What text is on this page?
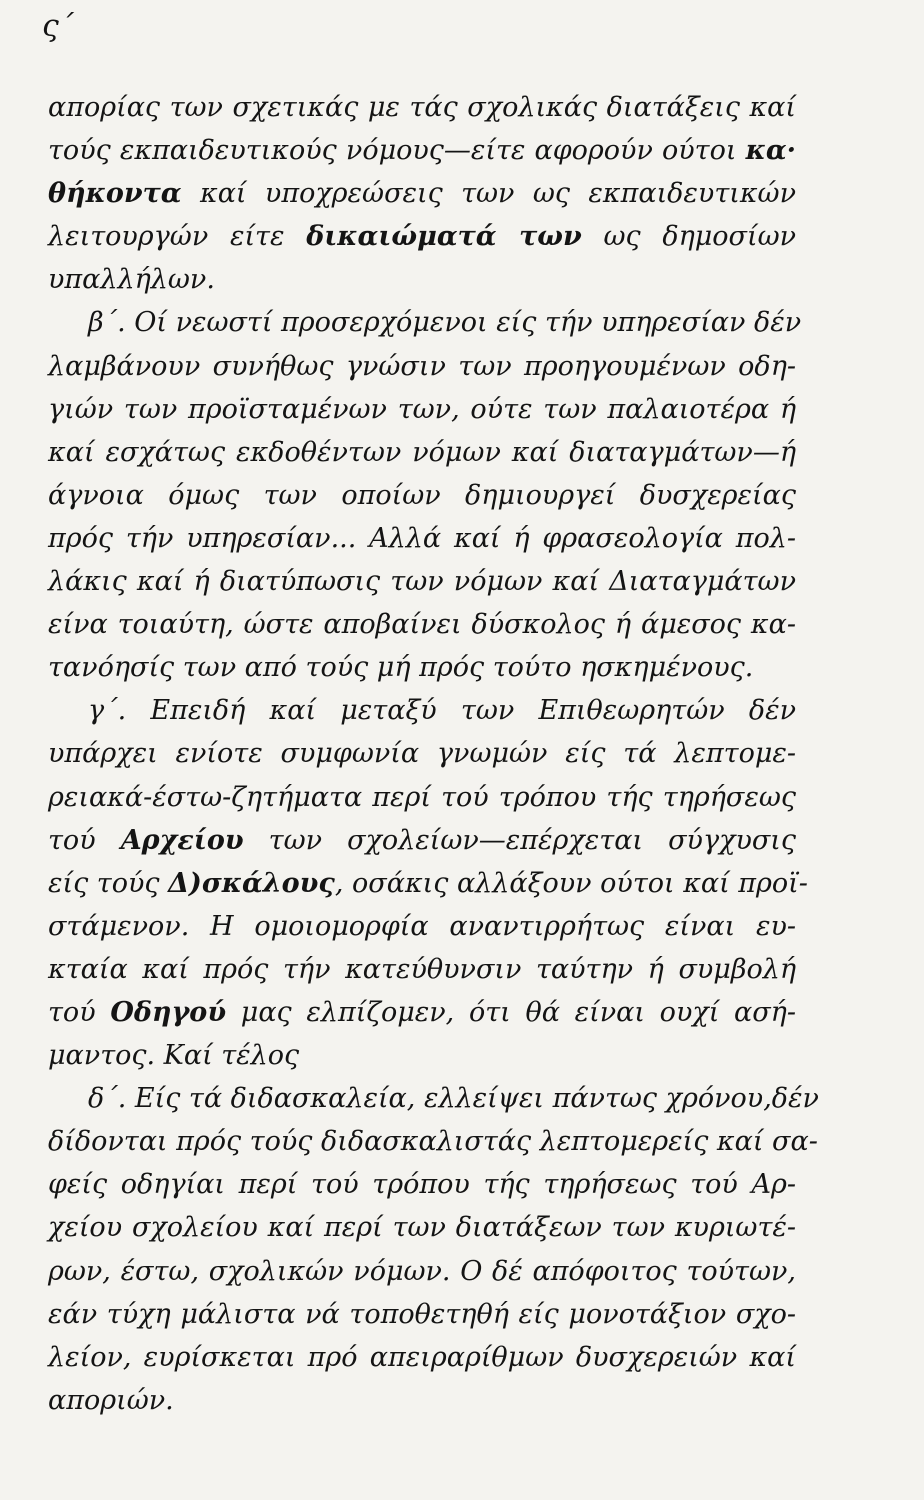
ς΄
απορίας των σχετικάς με τάς σχολικάς διατάξεις καί
τούς εκπαιδευτικούς νόμους—είτε αφορούν ούτοι κα·
θήκοντα καί υποχρεώσεις των ως εκπαιδευτικών
λειτουργών είτε δικαιώματά των ως δημοσίων
υπαλλήλων.
β΄. Οί νεωστί προσερχόμενοι είς τήν υπηρεσίαν δέν
λαμβάνουν συνήθως γνώσιν των προηγουμένων οδη-
γιών των προϊσταμένων των, ούτε των παλαιοτέρα ή
καί εσχάτως εκδοθέντων νόμων καί διαταγμάτων—ή
άγνοια όμως των οποίων δημιουργεί δυσχερείας
πρός τήν υπηρεσίαν... Αλλά καί ή φρασεολογία πολ-
λάκις καί ή διατύπωσις των νόμων καί Διαταγμάτων
είνα τοιαύτη, ώστε αποβαίνει δύσκολος ή άμεσος κα-
τανόησίς των από τούς μή πρός τούτο ησκημένους.
γ΄. Επειδή καί μεταξύ των Επιθεωρητών δέν
υπάρχει ενίοτε συμφωνία γνωμών είς τά λεπτομε-
ρειακά-έστω-ζητήματα περί τού τρόπου τής τηρήσεως
τού Αρχείου των σχολείων—επέρχεται σύγχυσις
είς τούς Δ)σκάλους, οσάκις αλλάξουν ούτοι καί προϊ-
στάμενον. Η ομοιομορφία αναντιρρήτως είναι ευ-
κταία καί πρός τήν κατεύθυνσιν ταύτην ή συμβολή
τού Οδηγού μας ελπίζομεν, ότι θά είναι ουχί ασή-
μαντος. Καί τέλος
δ΄. Είς τά διδασκαλεία, ελλείψει πάντως χρόνου,δέν
δίδονται πρός τούς διδασκαλιστάς λεπτομερείς καί σα-
φείς οδηγίαι περί τού τρόπου τής τηρήσεως τού Αρ-
χείου σχολείου καί περί των διατάξεων των κυριωτέ-
ρων, έστω, σχολικών νόμων. Ο δέ απόφοιτος τούτων,
εάν τύχη μάλιστα νά τοποθετηθή είς μονοτάξιον σχο-
λείον, ευρίσκεται πρό απειραρίθμων δυσχερειών καί
αποριών.
